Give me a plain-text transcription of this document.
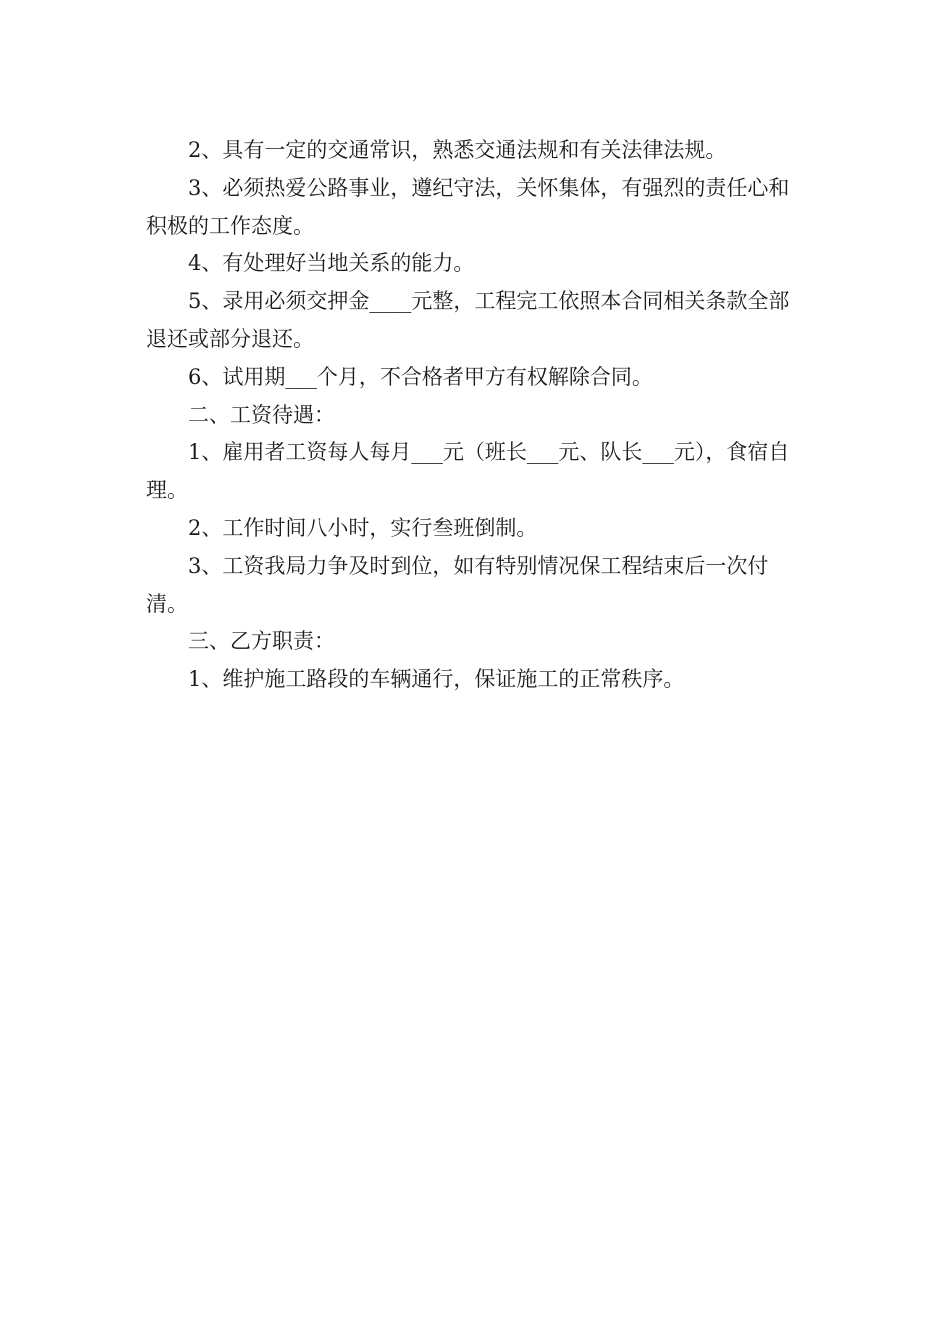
2、具有一定的交通常识，熟悉交通法规和有关法律法规。

3、必须热爱公路事业，遵纪守法，关怀集体，有强烈的责任心和积极的工作态度。

4、有处理好当地关系的能力。

5、录用必须交押金____元整，工程完工依照本合同相关条款全部退还或部分退还。

6、试用期___个月，不合格者甲方有权解除合同。

二、工资待遇：

1、雇用者工资每人每月___元（班长___元、队长___元），食宿自理。

2、工作时间八小时，实行叁班倒制。

3、工资我局力争及时到位，如有特别情况保工程结束后一次付清。

三、乙方职责：

1、维护施工路段的车辆通行，保证施工的正常秩序。
